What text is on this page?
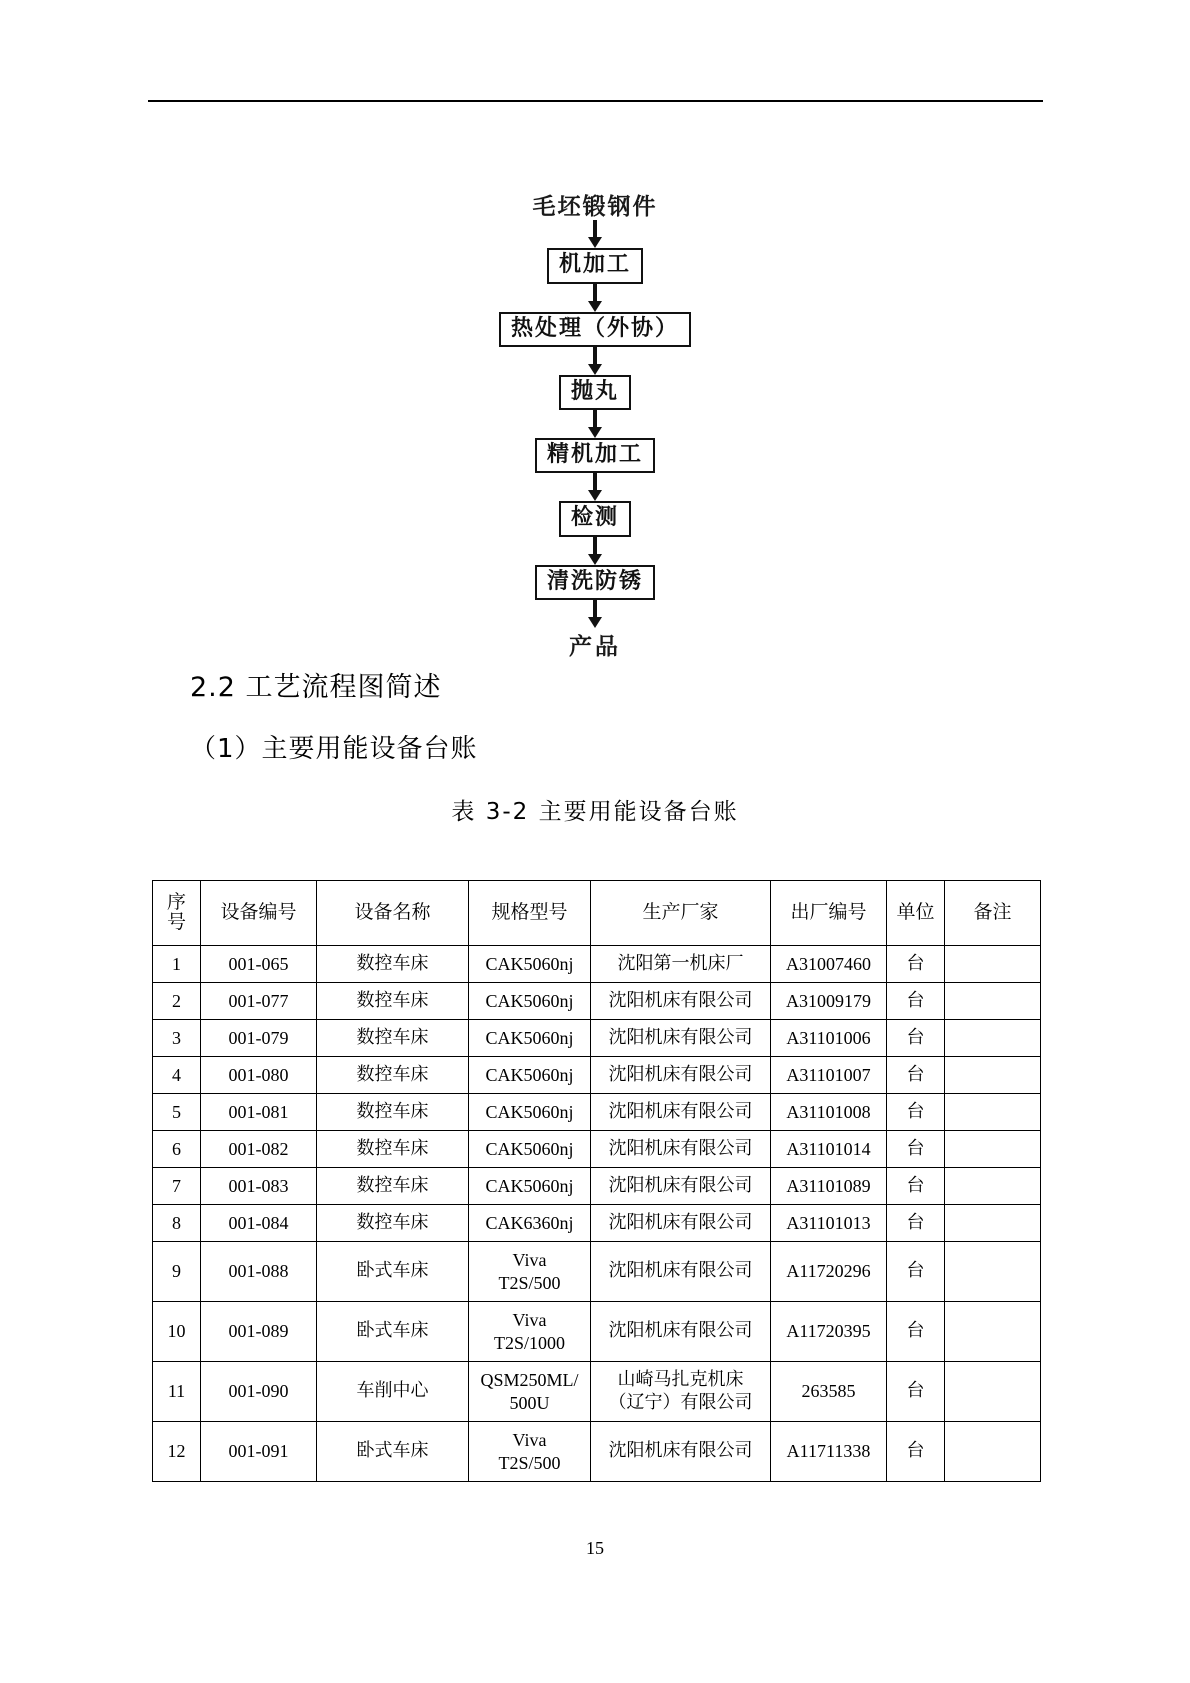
毛坯锻钢件
机加工
热处理（外协）
抛丸
精机加工
检测
清洗防锈
产品
2.2 工艺流程图简述
（1）主要用能设备台账
表 3-2 主要用能设备台账
序
号	设备编号	设备名称	规格型号	生产厂家	出厂编号	单位	备注
1	001-065	数控车床	CAK5060nj	沈阳第一机床厂	A31007460	台	
2	001-077	数控车床	CAK5060nj	沈阳机床有限公司	A31009179	台	
3	001-079	数控车床	CAK5060nj	沈阳机床有限公司	A31101006	台	
4	001-080	数控车床	CAK5060nj	沈阳机床有限公司	A31101007	台	
5	001-081	数控车床	CAK5060nj	沈阳机床有限公司	A31101008	台	
6	001-082	数控车床	CAK5060nj	沈阳机床有限公司	A31101014	台	
7	001-083	数控车床	CAK5060nj	沈阳机床有限公司	A31101089	台	
8	001-084	数控车床	CAK6360nj	沈阳机床有限公司	A31101013	台	
9	001-088	卧式车床	Viva
T2S/500	沈阳机床有限公司	A11720296	台	
10	001-089	卧式车床	Viva
T2S/1000	沈阳机床有限公司	A11720395	台	
11	001-090	车削中心	QSM250ML/
500U	山崎马扎克机床
（辽宁）有限公司	263585	台	
12	001-091	卧式车床	Viva
T2S/500	沈阳机床有限公司	A11711338	台	
15
